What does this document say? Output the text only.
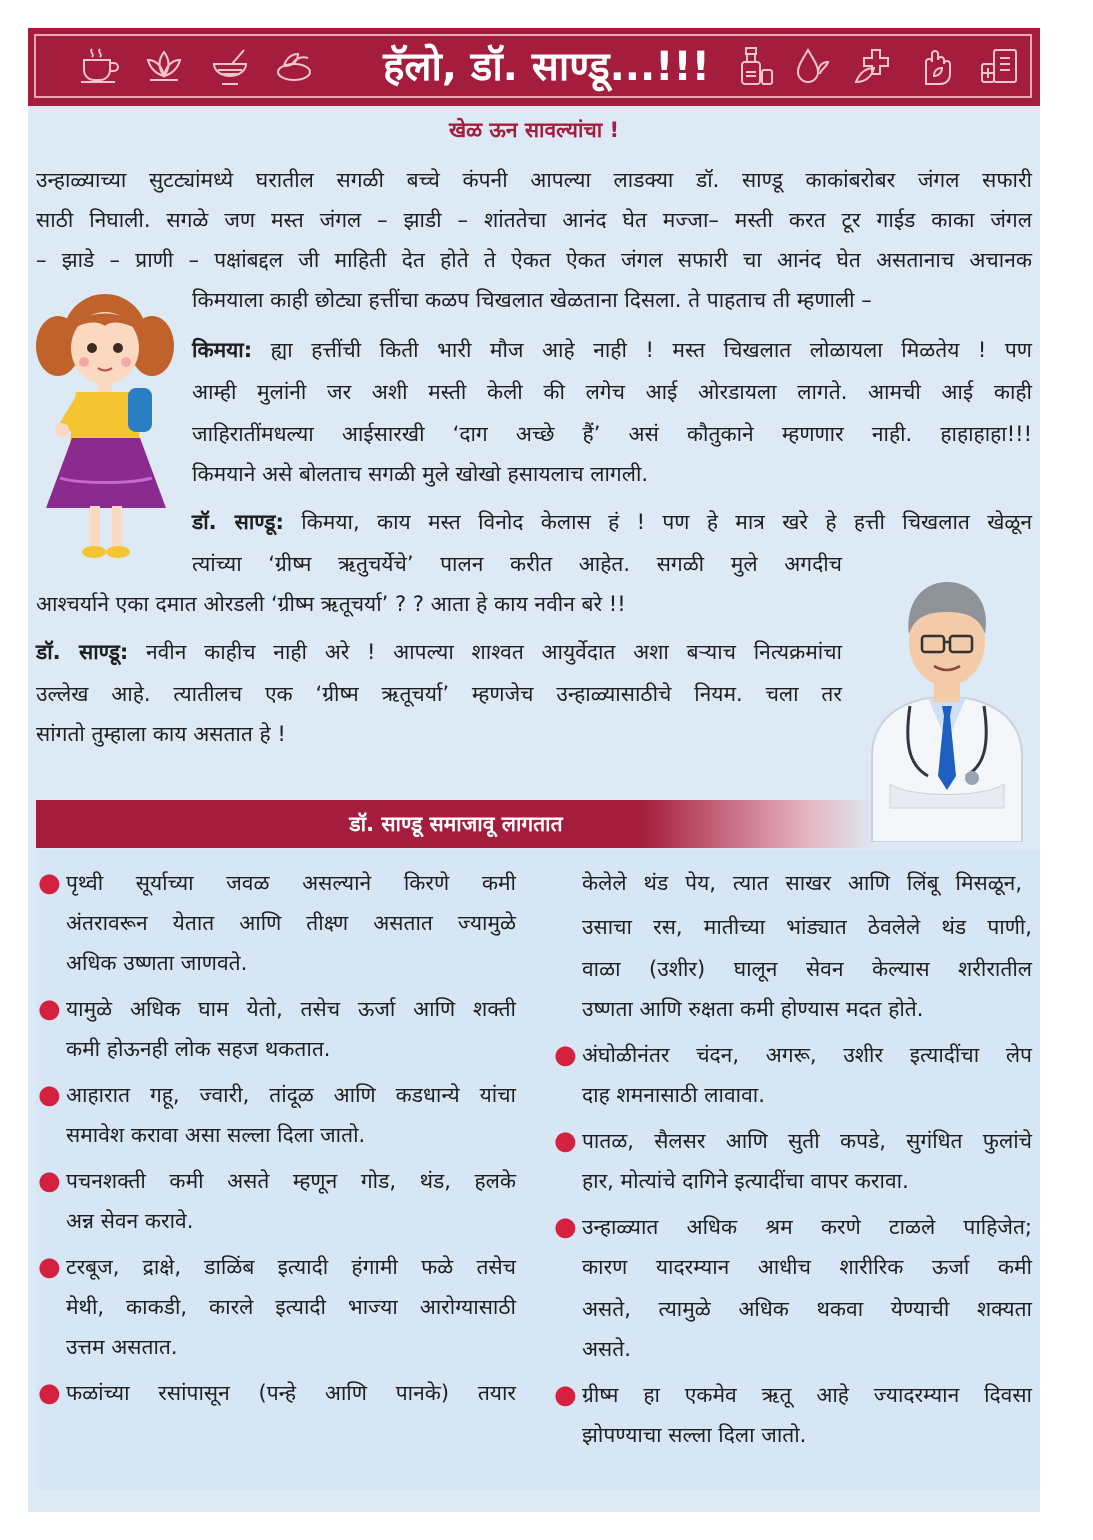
हॅलो, डॉ. साण्डू...!!!
खेळ ऊन सावल्यांचा !
उन्हाळ्याच्या सुटट्यांमध्ये घरातील सगळी बच्चे कंपनी आपल्या लाडक्या डॉ. साण्डू काकांबरोबर जंगल सफारी
साठी निघाली. सगळे जण मस्त जंगल – झाडी – शांततेचा आनंद घेत मज्जा– मस्ती करत टूर गाईड काका जंगल
– झाडे – प्राणी – पक्षांबद्दल जी माहिती देत होते ते ऐकत ऐकत जंगल सफारी चा आनंद घेत असतानाच अचानक
किमयाला काही छोट्या हत्तींचा कळप चिखलात खेळताना दिसला. ते पाहताच ती म्हणाली –
किमया: ह्या हत्तींची किती भारी मौज आहे नाही ! मस्त चिखलात लोळायला मिळतेय ! पण
आम्ही मुलांनी जर अशी मस्ती केली की लगेच आई ओरडायला लागते. आमची आई काही
जाहिरातींमधल्या आईसारखी ‘दाग अच्छे हैं’ असं कौतुकाने म्हणणार नाही. हाहाहाहा!!!
किमयाने असे बोलताच सगळी मुले खोखो हसायलाच लागली.
डॉ. साण्डू: किमया, काय मस्त विनोद केलास हं ! पण हे मात्र खरे हे हत्ती चिखलात खेळून
त्यांच्या ‘ग्रीष्म ऋतुचर्येचे’ पालन करीत आहेत. सगळी मुले अगदीच
आश्चर्याने एका दमात ओरडली ‘ग्रीष्म ऋतूचर्या’ ? ? आता हे काय नवीन बरे !!
डॉ. साण्डू: नवीन काहीच नाही अरे ! आपल्या शाश्वत आयुर्वेदात अशा बऱ्याच नित्यक्रमांचा
उल्लेख आहे. त्यातीलच एक ‘ग्रीष्म ऋतूचर्या’ म्हणजेच उन्हाळ्यासाठीचे नियम. चला तर
सांगतो तुम्हाला काय असतात हे !
डॉ. साण्डू समाजावू लागतात
● पृथ्वी सूर्याच्या जवळ असल्याने किरणे कमी
अंतरावरून येतात आणि तीक्ष्ण असतात ज्यामुळे
अधिक उष्णता जाणवते.
● यामुळे अधिक घाम येतो, तसेच ऊर्जा आणि शक्ती
कमी होऊनही लोक सहज थकतात.
● आहारात गहू, ज्वारी, तांदूळ आणि कडधान्ये यांचा
समावेश करावा असा सल्ला दिला जातो.
● पचनशक्ती कमी असते म्हणून गोड, थंड, हलके
अन्न सेवन करावे.
● टरबूज, द्राक्षे, डाळिंब इत्यादी हंगामी फळे तसेच
मेथी, काकडी, कारले इत्यादी भाज्या आरोग्यासाठी
उत्तम असतात.
● फळांच्या रसांपासून (पन्हे आणि पानके) तयार
केलेले थंड पेय, त्यात साखर आणि लिंबू मिसळून,
उसाचा रस, मातीच्या भांड्यात ठेवलेले थंड पाणी,
वाळा (उशीर) घालून सेवन केल्यास शरीरातील
उष्णता आणि रुक्षता कमी होण्यास मदत होते.
● अंघोळीनंतर चंदन, अगरू, उशीर इत्यादींचा लेप
दाह शमनासाठी लावावा.
● पातळ, सैलसर आणि सुती कपडे, सुगंधित फुलांचे
हार, मोत्यांचे दागिने इत्यादींचा वापर करावा.
● उन्हाळ्यात अधिक श्रम करणे टाळले पाहिजेत;
कारण यादरम्यान आधीच शारीरिक ऊर्जा कमी
असते, त्यामुळे अधिक थकवा येण्याची शक्यता
असते.
● ग्रीष्म हा एकमेव ऋतू आहे ज्यादरम्यान दिवसा
झोपण्याचा सल्ला दिला जातो.
